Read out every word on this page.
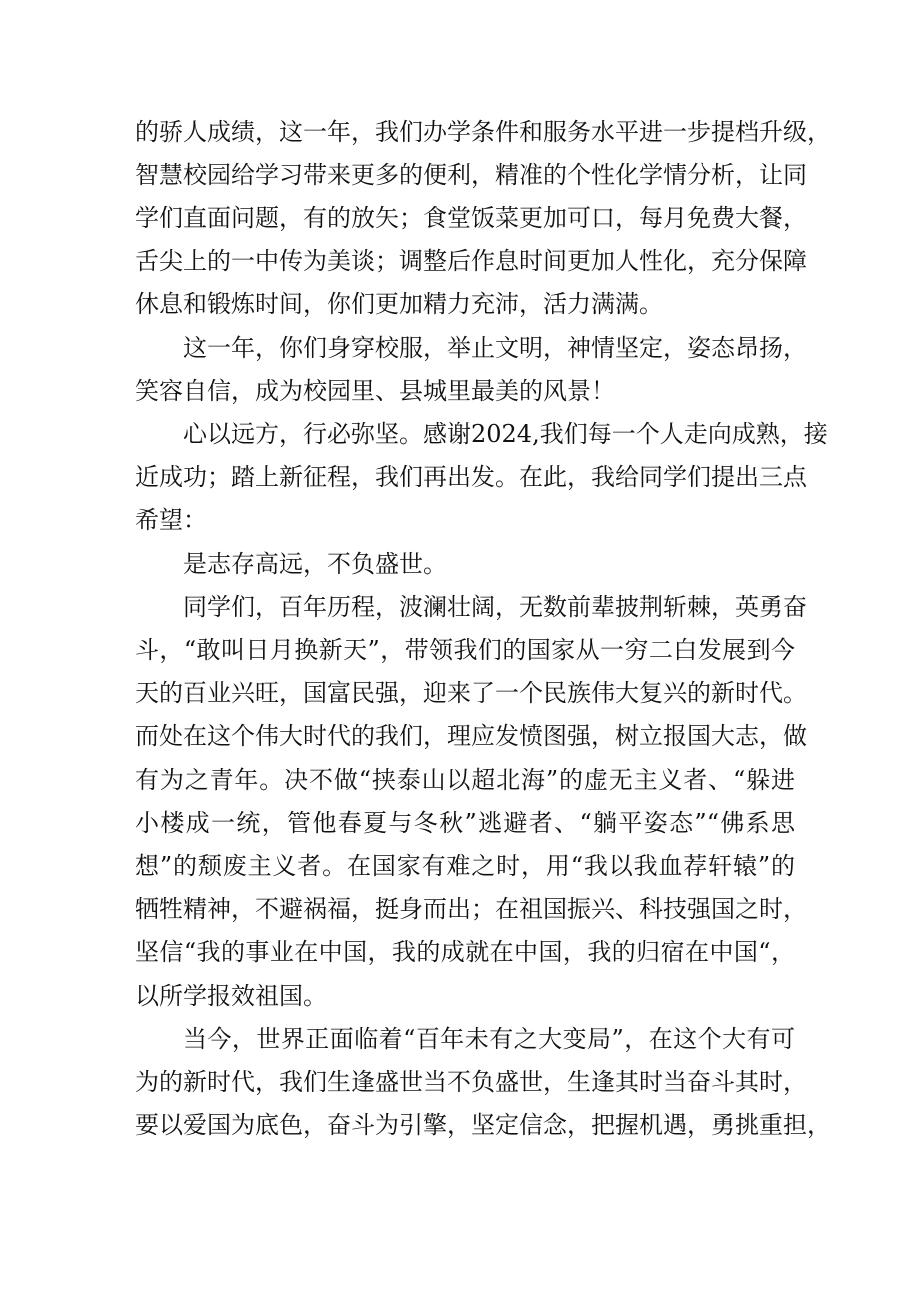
的骄人成绩，这一年，我们办学条件和服务水平进一步提档升级，
智慧校园给学习带来更多的便利，精准的个性化学情分析，让同
学们直面问题，有的放矢；食堂饭菜更加可口，每月免费大餐，
舌尖上的一中传为美谈；调整后作息时间更加人性化，充分保障
休息和锻炼时间，你们更加精力充沛，活力满满。
这一年，你们身穿校服，举止文明，神情坚定，姿态昂扬，
笑容自信，成为校园里、县城里最美的风景！
心以远方，行必弥坚。感谢2024,我们每一个人走向成熟，接
近成功；踏上新征程，我们再出发。在此，我给同学们提出三点
希望：
是志存高远，不负盛世。
同学们，百年历程，波澜壮阔，无数前辈披荆斩棘，英勇奋
斗，“敢叫日月换新天”，带领我们的国家从一穷二白发展到今
天的百业兴旺，国富民强，迎来了一个民族伟大复兴的新时代。
而处在这个伟大时代的我们，理应发愤图强，树立报国大志，做
有为之青年。决不做“挟泰山以超北海”的虚无主义者、“躲进
小楼成一统，管他春夏与冬秋”逃避者、“躺平姿态”“佛系思
想”的颓废主义者。在国家有难之时，用“我以我血荐轩辕”的
牺牲精神，不避祸福，挺身而出；在祖国振兴、科技强国之时，
坚信“我的事业在中国，我的成就在中国，我的归宿在中国“，
以所学报效祖国。
当今，世界正面临着“百年未有之大变局”，在这个大有可
为的新时代，我们生逢盛世当不负盛世，生逢其时当奋斗其时，
要以爱国为底色，奋斗为引擎，坚定信念，把握机遇，勇挑重担，
